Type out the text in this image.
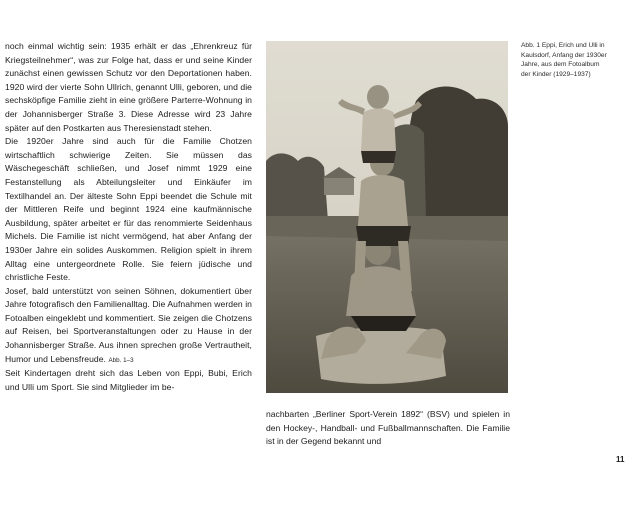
noch einmal wichtig sein: 1935 erhält er das „Ehrenkreuz für Kriegsteilnehmer“, was zur Folge hat, dass er und seine Kinder zunächst einen gewissen Schutz vor den Deportationen haben. 1920 wird der vierte Sohn Ullrich, genannt Ulli, geboren, und die sechsköpfige Familie zieht in eine größere Parterre-Wohnung in der Johannisberger Straße 3. Diese Adresse wird 23 Jahre später auf den Postkarten aus Theresienstadt stehen.

Die 1920er Jahre sind auch für die Familie Chotzen wirtschaftlich schwierige Zeiten. Sie müssen das Wäschegeschäft schließen, und Josef nimmt 1929 eine Festanstellung als Abteilungsleiter und Einkäufer im Textilhandel an. Der älteste Sohn Eppi beendet die Schule mit der Mittleren Reife und beginnt 1924 eine kaufmännische Ausbildung, später arbeitet er für das renommierte Seidenhaus Michels. Die Familie ist nicht vermögend, hat aber Anfang der 1930er Jahre ein solides Auskommen. Religion spielt in ihrem Alltag eine untergeordnete Rolle. Sie feiern jüdische und christliche Feste.

Josef, bald unterstützt von seinen Söhnen, dokumentiert über Jahre fotografisch den Familienalltag. Die Aufnahmen werden in Fotoalben eingeklebt und kommentiert. Sie zeigen die Chotzens auf Reisen, bei Sportveranstaltungen oder zu Hause in der Johannisberger Straße. Aus ihnen sprechen große Vertrautheit, Humor und Lebensfreude. Abb. 1–3

Seit Kindertagen dreht sich das Leben von Eppi, Bubi, Erich und Ulli um Sport. Sie sind Mitglieder im be-

Abb. 1 Eppi, Erich und Ulli in Kaulsdorf, Anfang der 1930er Jahre, aus dem Fotoalbum der Kinder (1929–1937)

nachbarten „Berliner Sport-Verein 1892“ (BSV) und spielen in den Hockey-, Handball- und Fußballmannschaften. Die Familie ist in der Gegend bekannt und

11
